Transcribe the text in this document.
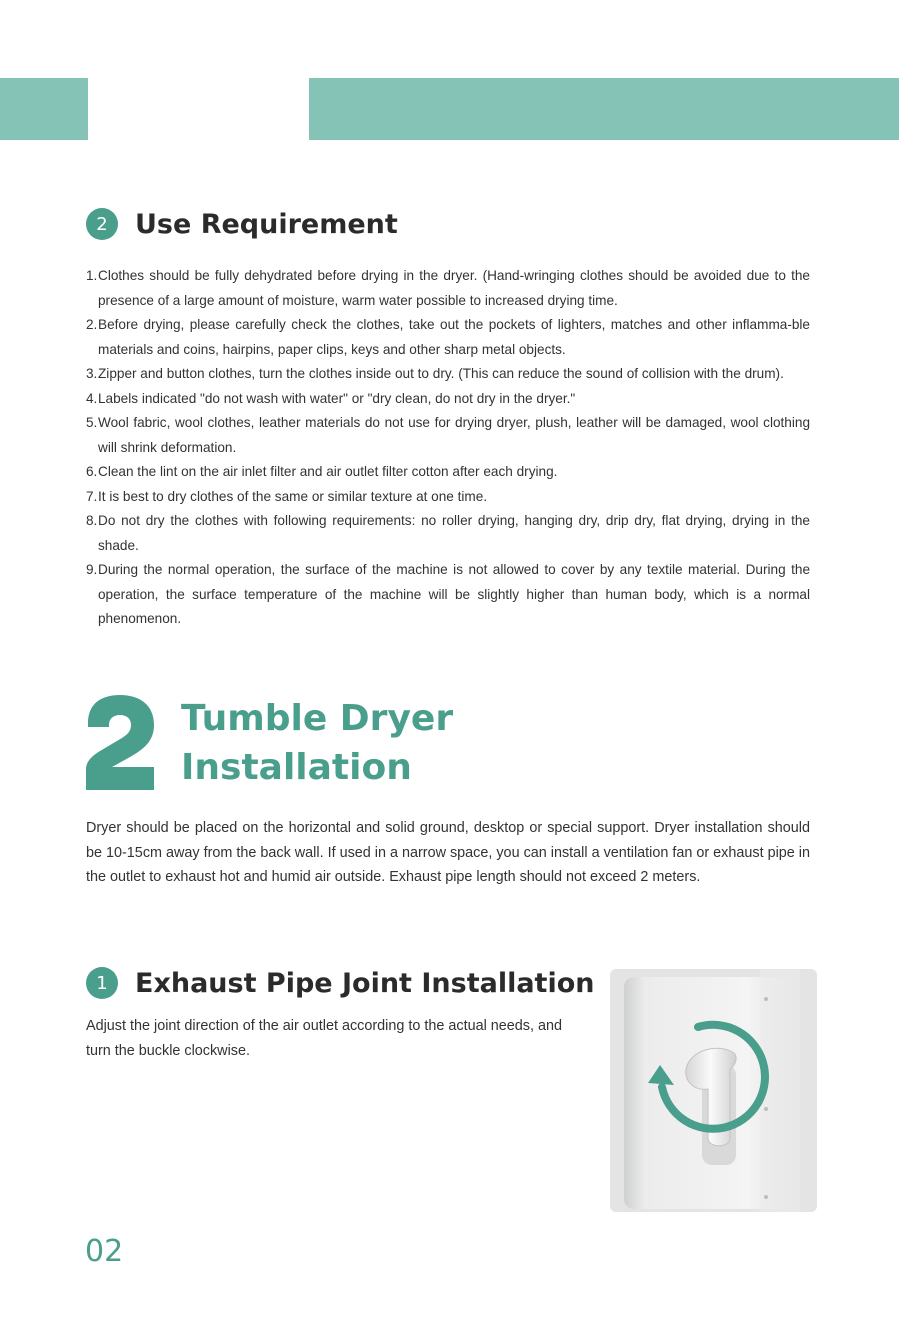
2	Use Requirement
1. Clothes should be fully dehydrated before drying in the dryer. (Hand-wringing clothes should be avoided due to the presence of a large amount of moisture, warm water possible to increased drying time.
2. Before drying, please carefully check the clothes, take out the pockets of lighters, matches and other inflamma-ble materials and coins, hairpins, paper clips, keys and other sharp metal objects.
3. Zipper and button clothes, turn the clothes inside out to dry. (This can reduce the sound of collision with the drum).
4. Labels indicated "do not wash with water" or "dry clean, do not dry in the dryer."
5. Wool fabric, wool clothes, leather materials do not use for drying dryer, plush, leather will be damaged, wool clothing will shrink deformation.
6. Clean the lint on the air inlet filter and air outlet filter cotton after each drying.
7. It is best to dry clothes of the same or similar texture at one time.
8. Do not dry the clothes with following requirements: no roller drying, hanging dry, drip dry, flat drying, drying in the shade.
9. During the normal operation, the surface of the machine is not allowed to cover by any textile material. During the operation, the surface temperature of the machine will be slightly higher than human body, which is a normal phenomenon.
Tumble Dryer
Installation

Dryer should be placed on the horizontal and solid ground, desktop or special support. Dryer installation should be 10-15cm away from the back wall. If used in a narrow space, you can install a ventilation fan or exhaust pipe in the outlet to exhaust hot and humid air outside. Exhaust pipe length should not exceed 2 meters.

1	Exhaust Pipe Joint Installation

Adjust the joint direction of the air outlet according to the actual needs, and turn the buckle clockwise.

02
